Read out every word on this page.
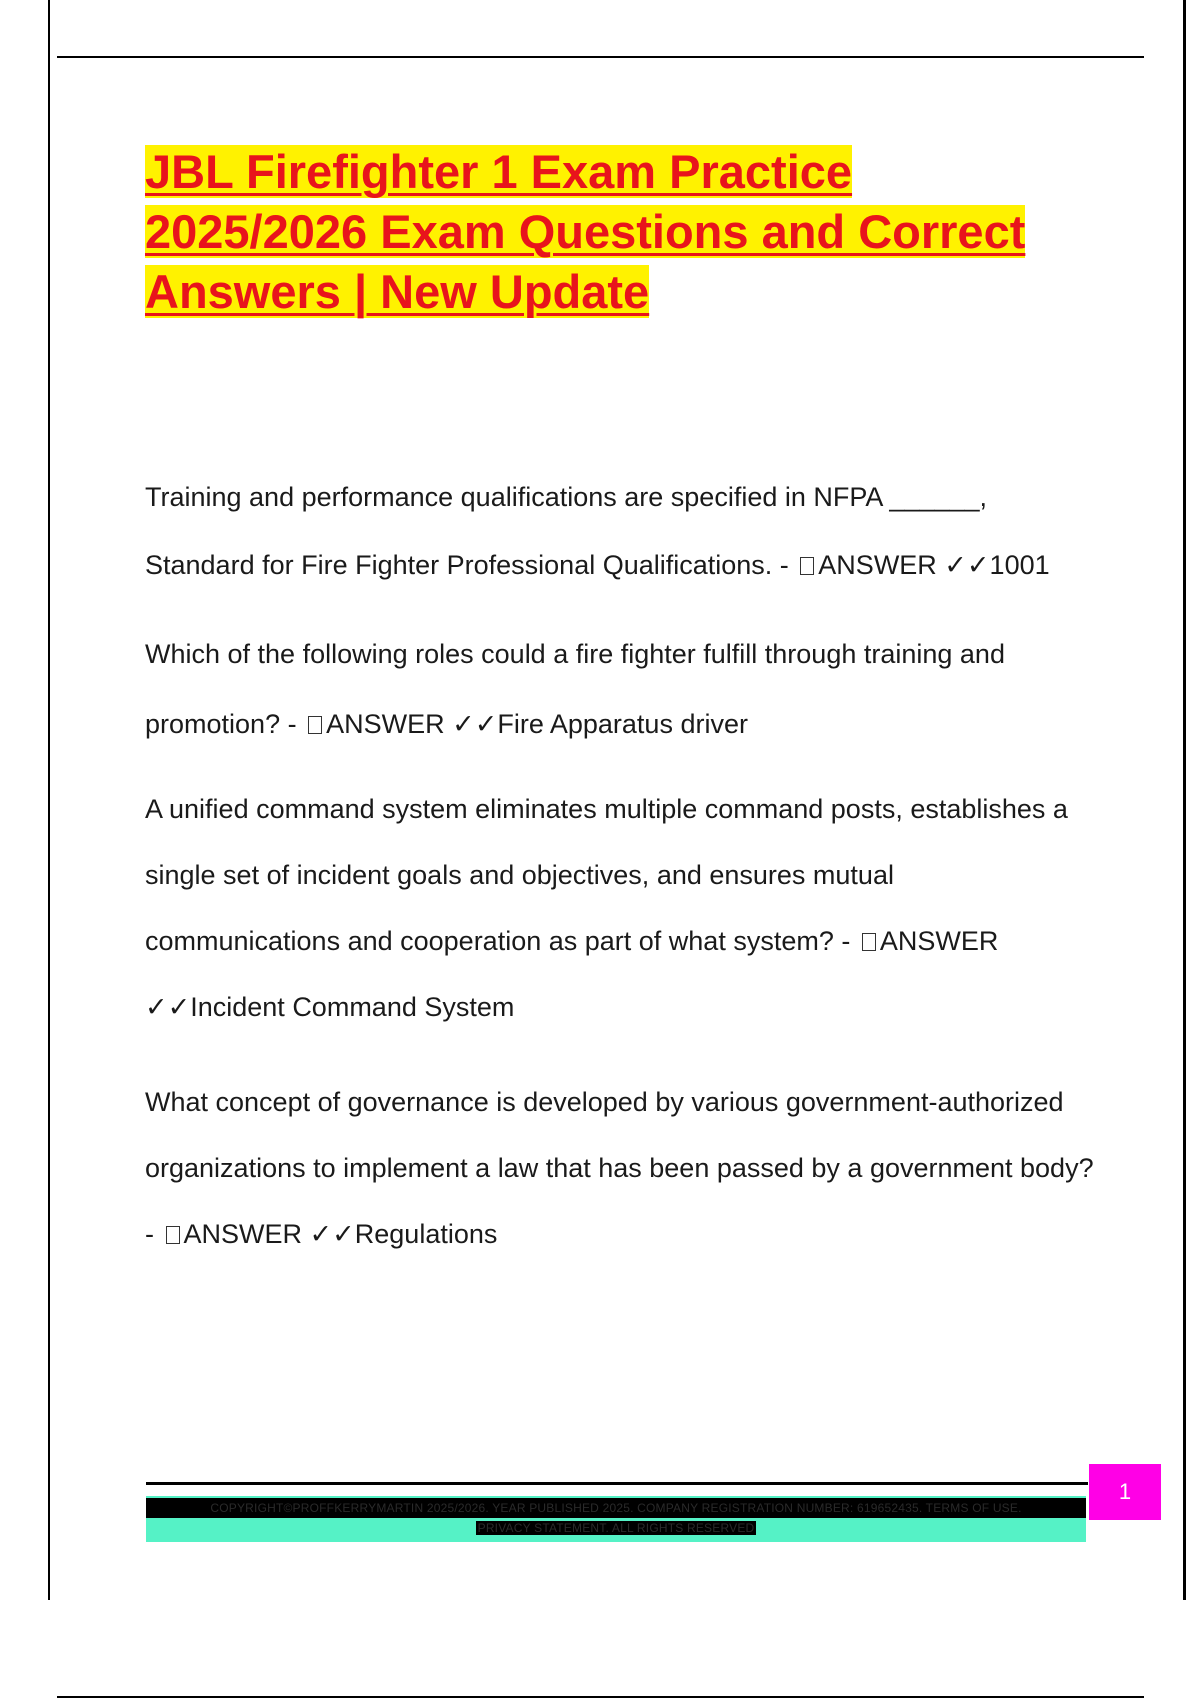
JBL Firefighter 1 Exam Practice
2025/2026 Exam Questions and Correct
Answers | New Update

Training and performance qualifications are specified in NFPA ______, Standard for Fire Fighter Professional Qualifications. - ANSWER ✓✓1001

Which of the following roles could a fire fighter fulfill through training and promotion? - ANSWER ✓✓Fire Apparatus driver

A unified command system eliminates multiple command posts, establishes a single set of incident goals and objectives, and ensures mutual communications and cooperation as part of what system? - ANSWER ✓✓Incident Command System

What concept of governance is developed by various government-authorized organizations to implement a law that has been passed by a government body? - ANSWER ✓✓Regulations

COPYRIGHT©PROFFKERRYMARTIN 2025/2026. YEAR PUBLISHED 2025. COMPANY REGISTRATION NUMBER: 619652435. TERMS OF USE.
PRIVACY STATEMENT. ALL RIGHTS RESERVED
1
